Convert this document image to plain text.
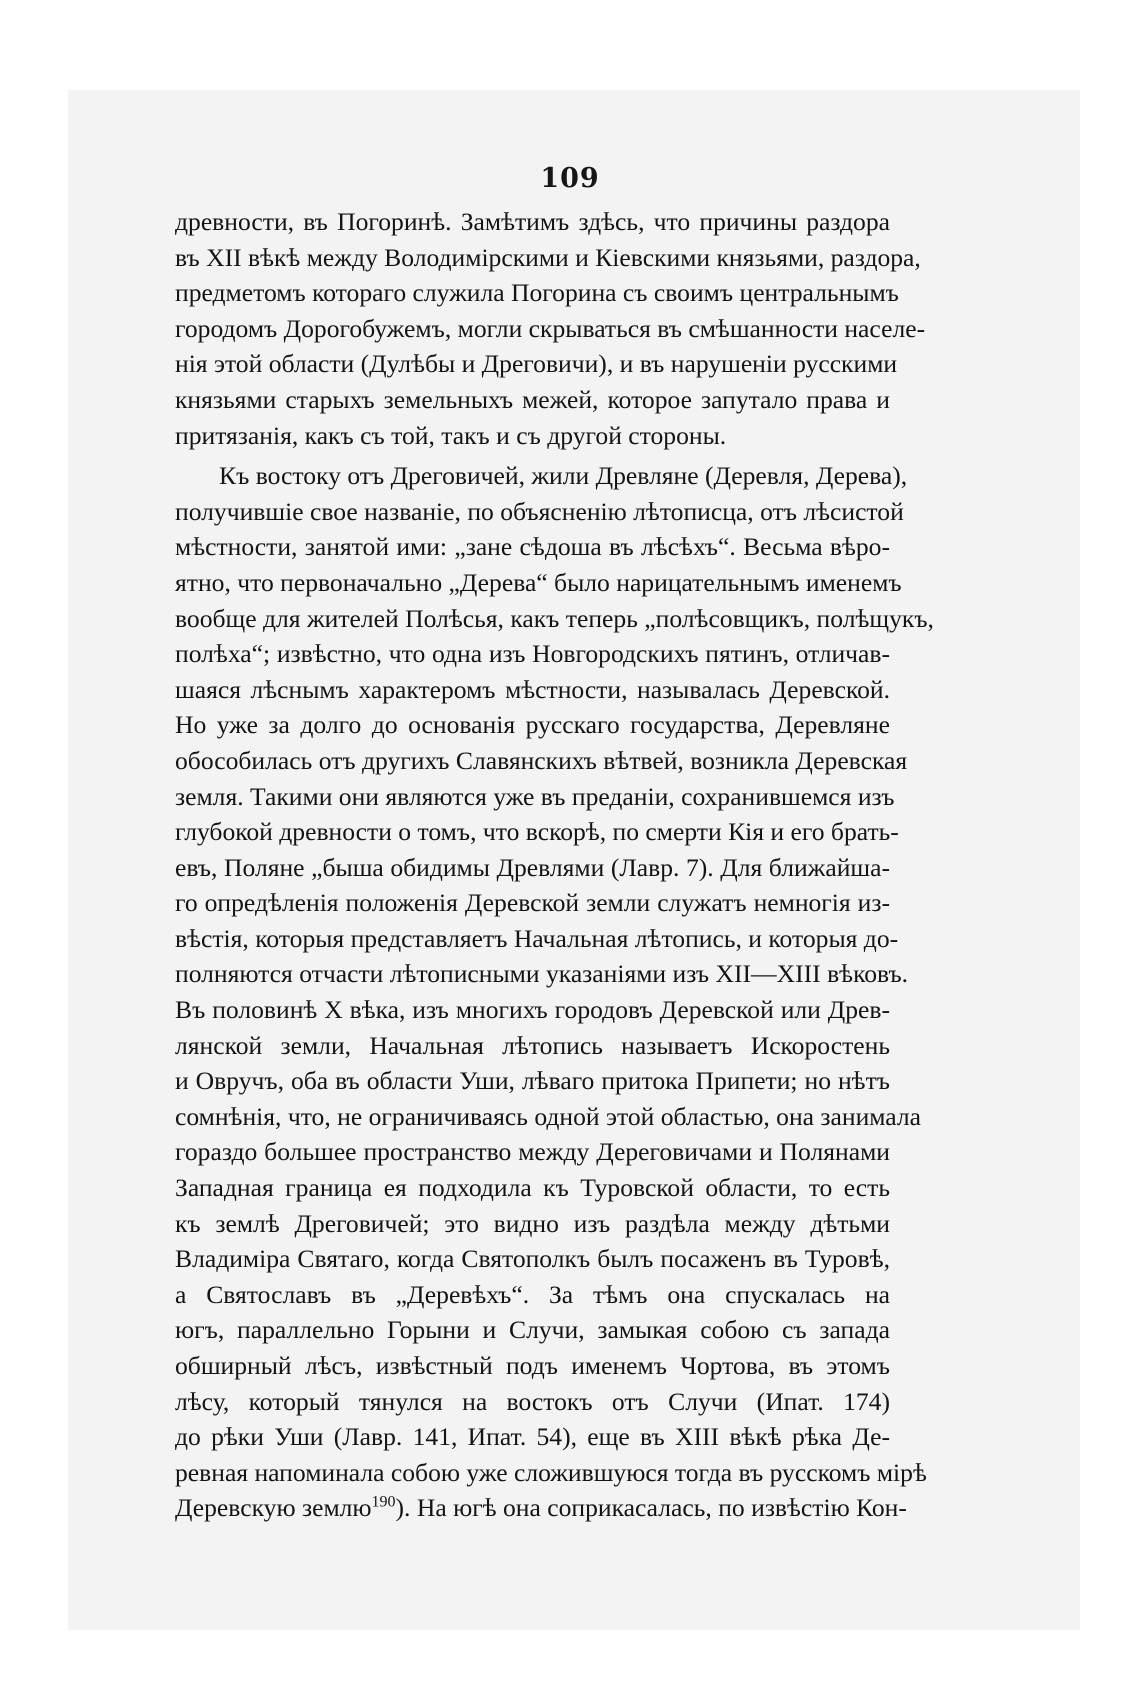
109
древности, въ Погоринѣ. Замѣтимъ здѣсь, что причины раздора
въ XII вѣкѣ между Володимірскими и Кіевскими князьями, раздора,
предметомъ котораго служила Погорина съ своимъ центральнымъ
городомъ Дорогобужемъ, могли скрываться въ смѣшанности населе-
нія этой области (Дулѣбы и Дреговичи), и въ нарушеніи русскими
князьями старыхъ земельныхъ межей, которое запутало права и
притязанія, какъ съ той, такъ и съ другой стороны.
Къ востоку отъ Дреговичей, жили Древляне (Деревля, Дерева),
получившіе свое названіе, по объясненію лѣтописца, отъ лѣсистой
мѣстности, занятой ими: „зане сѣдоша въ лѣсѣхъ“. Весьма вѣро-
ятно, что первоначально „Дерева“ было нарицательнымъ именемъ
вообще для жителей Полѣсья, какъ теперь „полѣсовщикъ, полѣщукъ,
полѣха“; извѣстно, что одна изъ Новгородскихъ пятинъ, отличав-
шаяся лѣснымъ характеромъ мѣстности, называлась Деревской.
Но уже за долго до основанія русскаго государства, Деревляне
обособилась отъ другихъ Славянскихъ вѣтвей, возникла Деревская
земля. Такими они являются уже въ преданіи, сохранившемся изъ
глубокой древности о томъ, что вскорѣ, по смерти Кія и его брать-
евъ, Поляне „быша обидимы Древлями (Лавр. 7). Для ближайша-
го опредѣленія положенія Деревской земли служатъ немногія из-
вѣстія, которыя представляетъ Начальная лѣтопись, и которыя до-
полняются отчасти лѣтописными указаніями изъ XII—XIII вѣковъ.
Въ половинѣ X вѣка, изъ многихъ городовъ Деревской или Древ-
лянской земли, Начальная лѣтопись называетъ Искоростень
и Овручъ, оба въ области Уши, лѣваго притока Припети; но нѣтъ
сомнѣнія, что, не ограничиваясь одной этой областью, она занимала
гораздо большее пространство между Дереговичами и Полянами
Западная граница ея подходила къ Туровской области, то есть
къ землѣ Дреговичей; это видно изъ раздѣла между дѣтьми
Владиміра Святаго, когда Святополкъ былъ посаженъ въ Туровѣ,
а Святославъ въ „Деревѣхъ“. За тѣмъ она спускалась на
югъ, параллельно Горыни и Случи, замыкая собою съ запада
обширный лѣсъ, извѣстный подъ именемъ Чортова, въ этомъ
лѣсу, который тянулся на востокъ отъ Случи (Ипат. 174)
до рѣки Уши (Лавр. 141, Ипат. 54), еще въ XIII вѣкѣ рѣка Де-
ревная напоминала собою уже сложившуюся тогда въ русскомъ мірѣ
Деревскую землю$^{190}$). На югѣ она соприкасалась, по извѣстію Кон-
